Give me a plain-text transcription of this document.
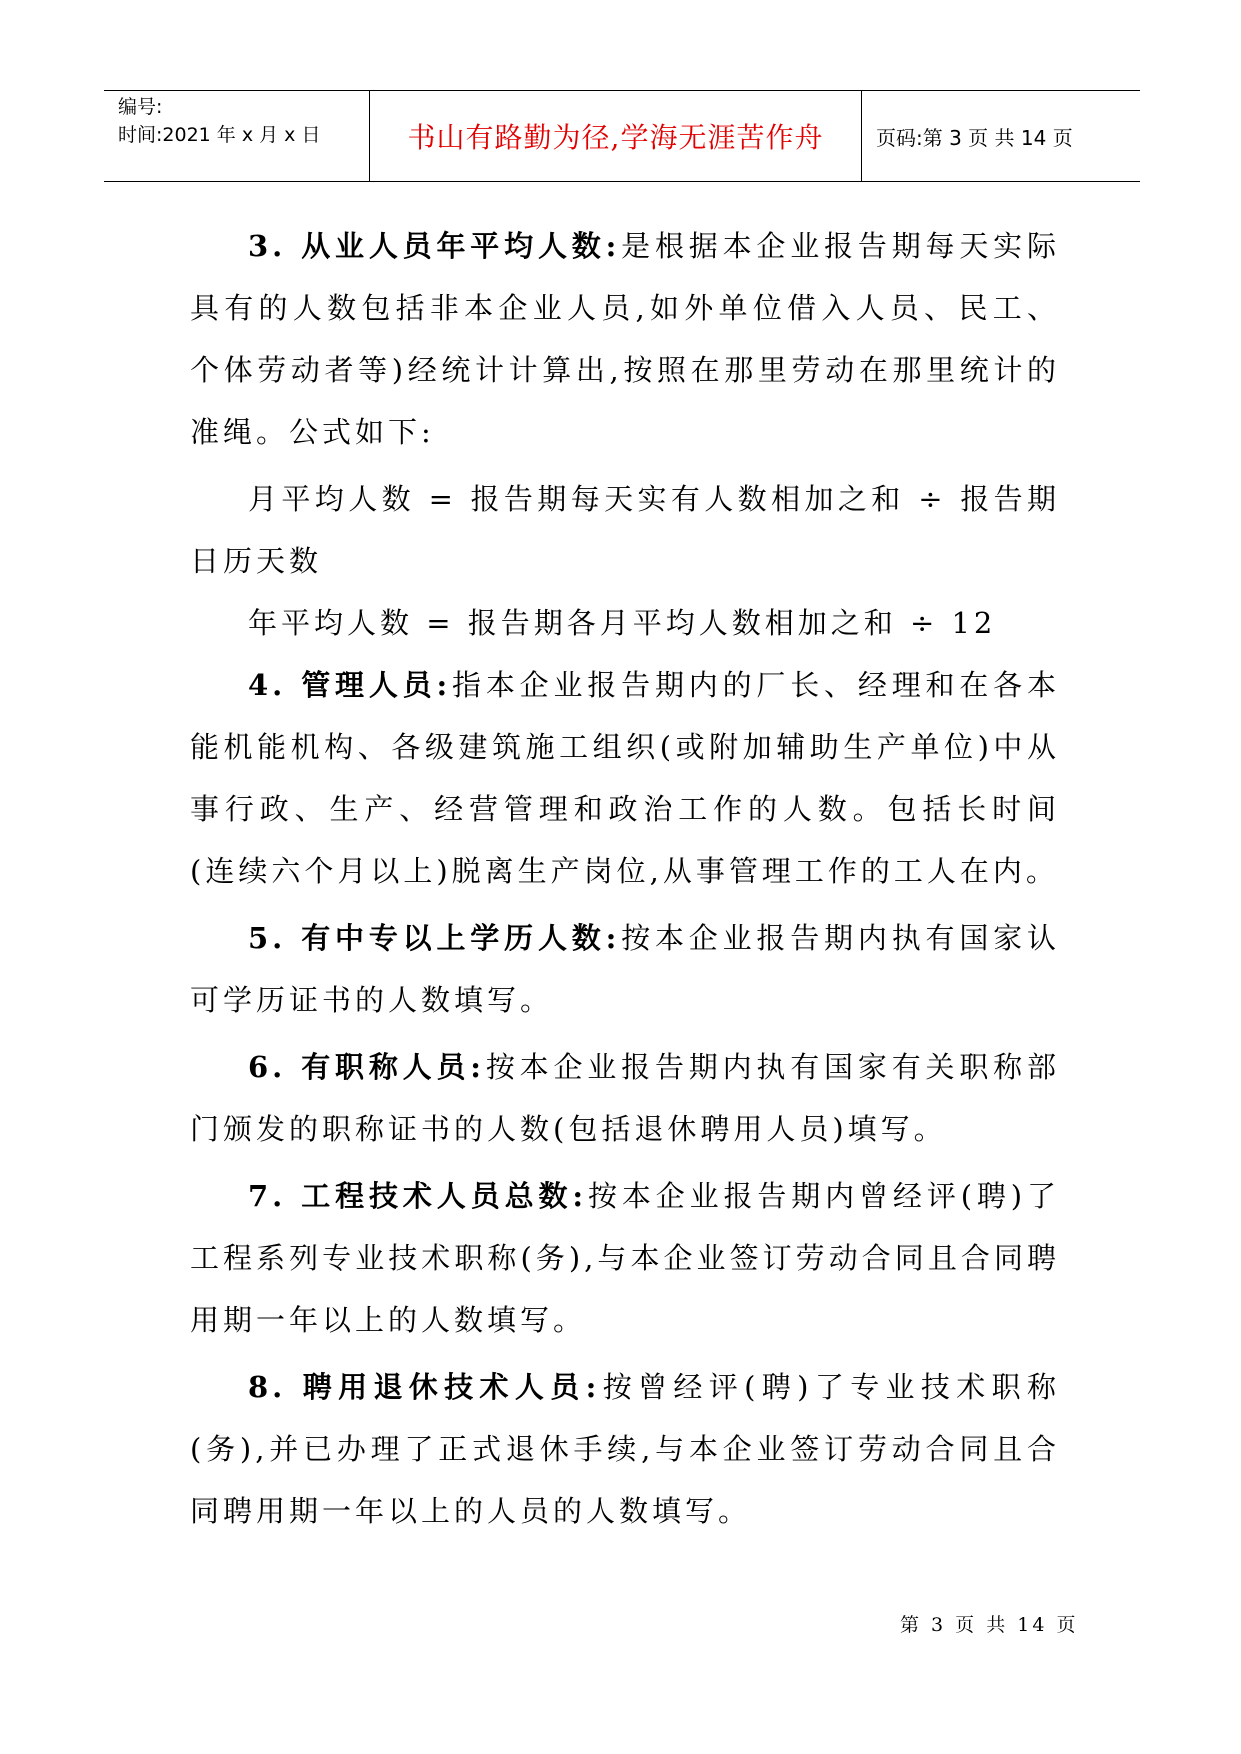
编号:
时间:2021 年 x 月 x 日	书山有路勤为径,学海无涯苦作舟	页码:第 3 页 共 14 页

3. 从业人员年平均人数:是根据本企业报告期每天实际具有的人数包括非本企业人员,如外单位借入人员、民工、个体劳动者等)经统计计算出,按照在那里劳动在那里统计的准绳。公式如下:

月平均人数 = 报告期每天实有人数相加之和 ÷ 报告期日历天数

年平均人数 = 报告期各月平均人数相加之和 ÷ 12

4. 管理人员:指本企业报告期内的厂长、经理和在各本能机能机构、各级建筑施工组织(或附加辅助生产单位)中从事行政、生产、经营管理和政治工作的人数。包括长时间(连续六个月以上)脱离生产岗位,从事管理工作的工人在内。

5. 有中专以上学历人数:按本企业报告期内执有国家认可学历证书的人数填写。

6. 有职称人员:按本企业报告期内执有国家有关职称部门颁发的职称证书的人数(包括退休聘用人员)填写。

7. 工程技术人员总数:按本企业报告期内曾经评(聘)了工程系列专业技术职称(务),与本企业签订劳动合同且合同聘用期一年以上的人数填写。

8. 聘用退休技术人员:按曾经评(聘)了专业技术职称(务),并已办理了正式退休手续,与本企业签订劳动合同且合同聘用期一年以上的人员的人数填写。

第 3 页 共 14 页
